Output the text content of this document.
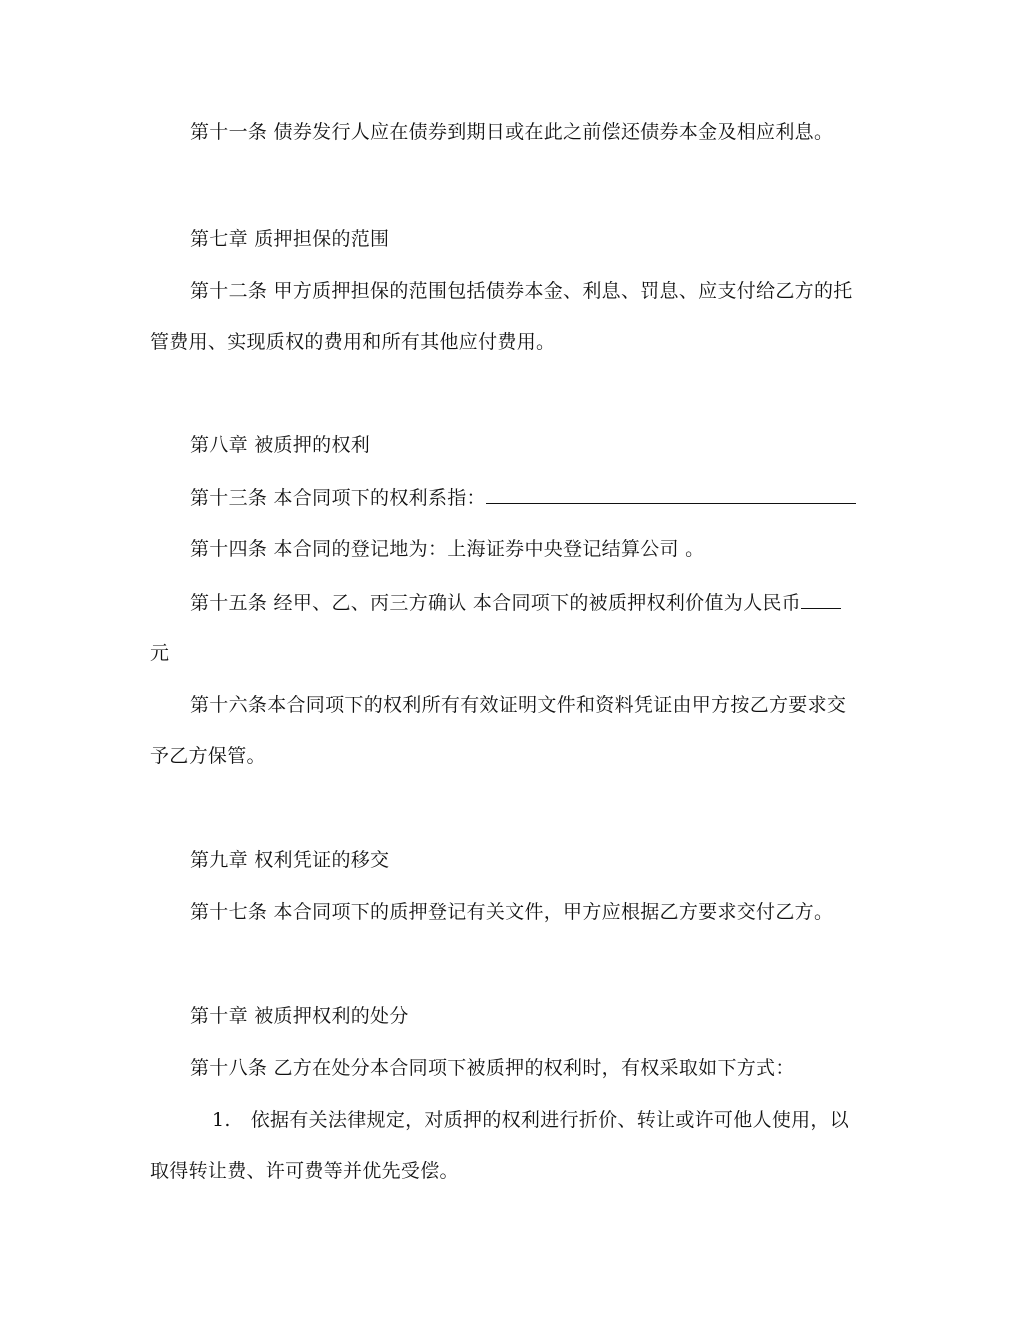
第十一条 债券发行人应在债券到期日或在此之前偿还债券本金及相应利息。
第七章 质押担保的范围
第十二条 甲方质押担保的范围包括债券本金、利息、罚息、应支付给乙方的托
管费用、实现质权的费用和所有其他应付费用。
第八章 被质押的权利
第十三条 本合同项下的权利系指：
第十四条 本合同的登记地为：上海证券中央登记结算公司 。
第十五条 经甲、乙、丙三方确认 本合同项下的被质押权利价值为人民币
元
第十六条本合同项下的权利所有有效证明文件和资料凭证由甲方按乙方要求交
予乙方保管。
第九章 权利凭证的移交
第十七条 本合同项下的质押登记有关文件，甲方应根据乙方要求交付乙方。
第十章 被质押权利的处分
第十八条 乙方在处分本合同项下被质押的权利时，有权采取如下方式：
1. 依据有关法律规定，对质押的权利进行折价、转让或许可他人使用，以
取得转让费、许可费等并优先受偿。
